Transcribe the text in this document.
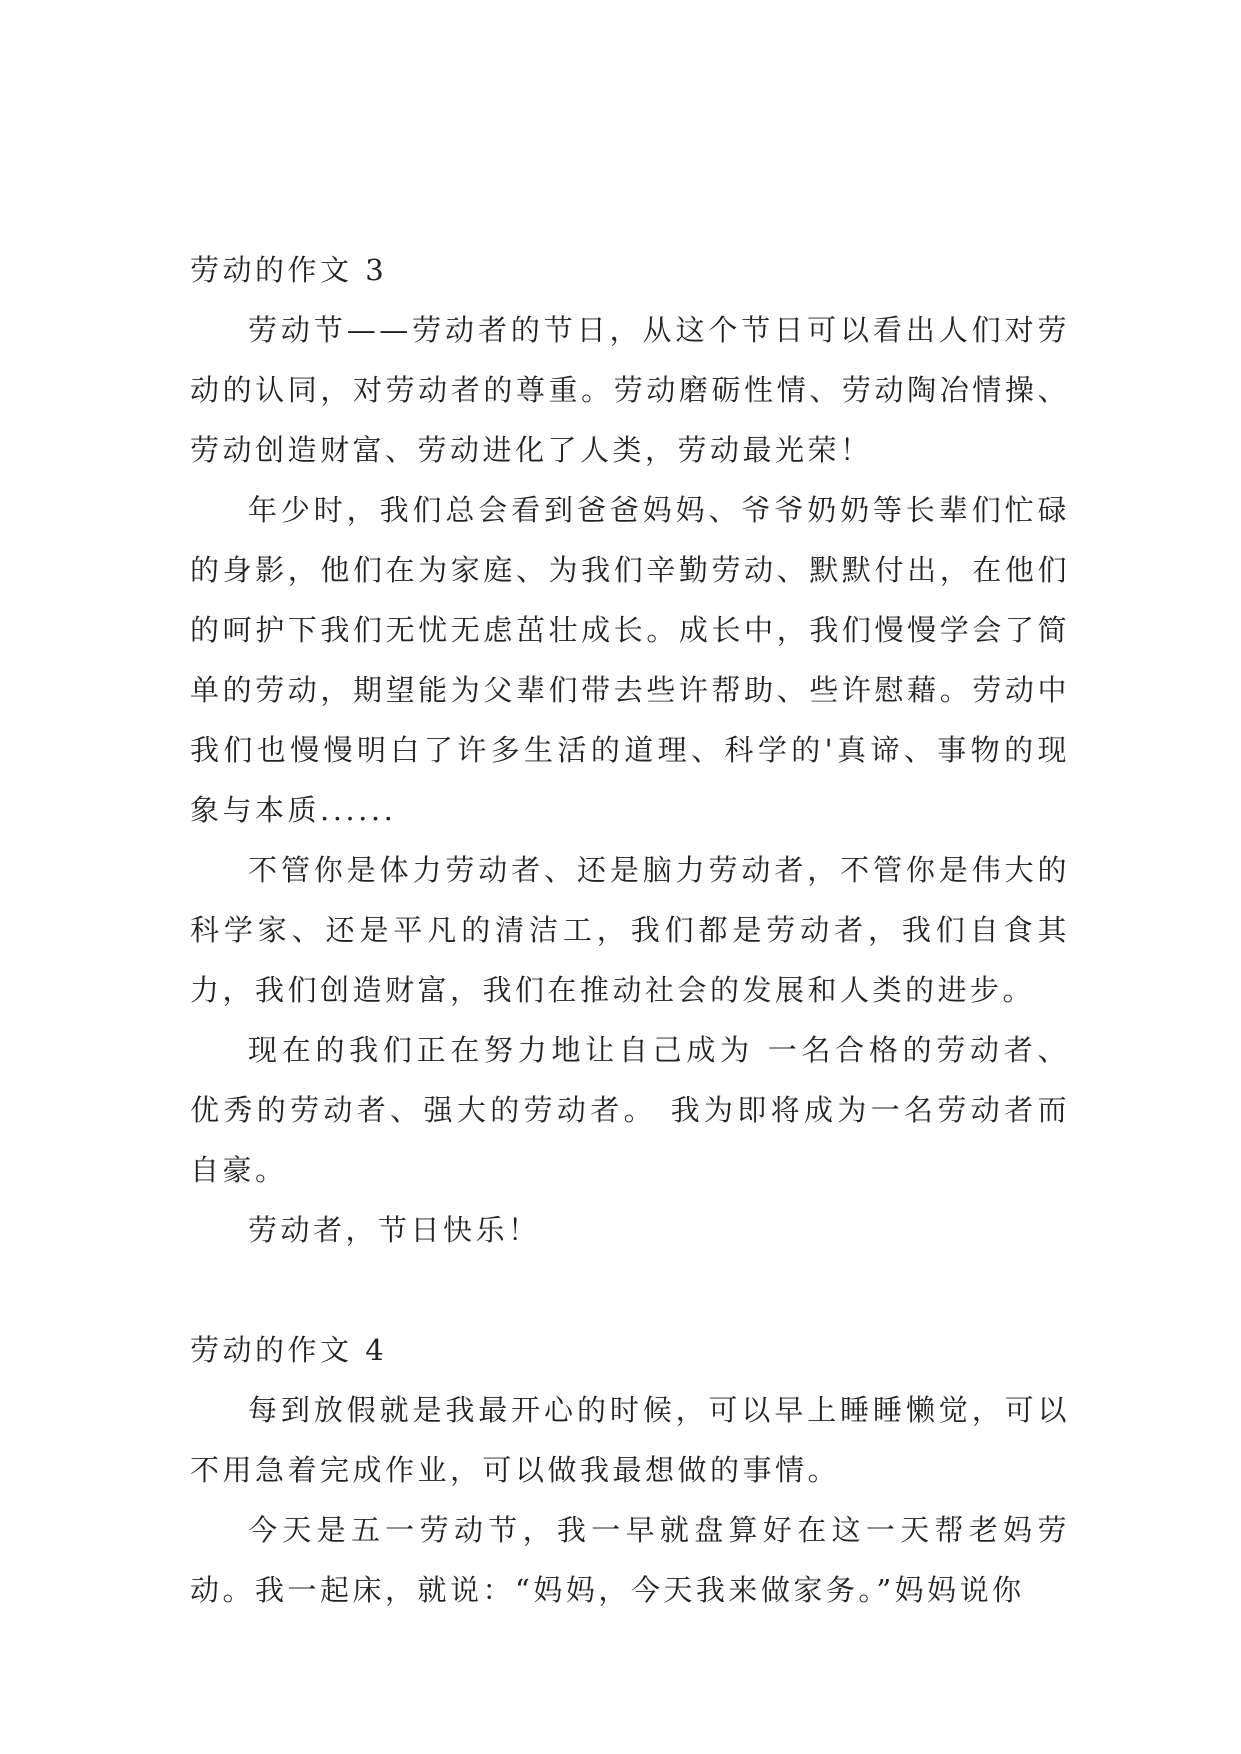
劳动的作文 3

劳动节——劳动者的节日，从这个节日可以看出人们对劳动的认同，对劳动者的尊重。劳动磨砺性情、劳动陶冶情操、劳动创造财富、劳动进化了人类，劳动最光荣！

年少时，我们总会看到爸爸妈妈、爷爷奶奶等长辈们忙碌的身影，他们在为家庭、为我们辛勤劳动、默默付出，在他们的呵护下我们无忧无虑茁壮成长。成长中，我们慢慢学会了简单的劳动，期望能为父辈们带去些许帮助、些许慰藉。劳动中我们也慢慢明白了许多生活的道理、科学的'真谛、事物的现象与本质......

不管你是体力劳动者、还是脑力劳动者，不管你是伟大的科学家、还是平凡的清洁工，我们都是劳动者，我们自食其力，我们创造财富，我们在推动社会的发展和人类的进步。

现在的我们正在努力地让自己成为 一名合格的劳动者、优秀的劳动者、强大的劳动者。 我为即将成为一名劳动者而自豪。

劳动者，节日快乐！

劳动的作文 4

每到放假就是我最开心的时候，可以早上睡睡懒觉，可以不用急着完成作业，可以做我最想做的事情。

今天是五一劳动节，我一早就盘算好在这一天帮老妈劳动。我一起床，就说：“妈妈，今天我来做家务。”妈妈说你
